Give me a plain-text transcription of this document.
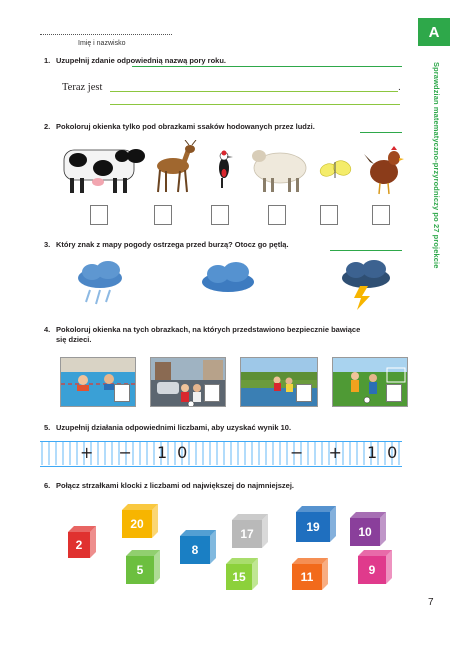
Imię i nazwisko
A
Sprawdzian matematyczno-przyrodniczy po 27 projekcie
1. Uzupełnij zdanie odpowiednią nazwą pory roku.
Teraz jest	.
2. Pokoloruj okienka tylko pod obrazkami ssaków hodowanych przez ludzi.
3. Który znak z mapy pogody ostrzega przed burzą? Otocz go pętlą.
4. Pokoloruj okienka na tych obrazkach, na których przedstawiono bezpiecznie bawiące
się dzieci.
5. Uzupełnij działania odpowiednimi liczbami, aby uzyskać wynik 10.
+ − 10	− + 10
6. Połącz strzałkami klocki z liczbami od największej do najmniejszej.
2
20
5
8
17
15
19
11
10
9
7
